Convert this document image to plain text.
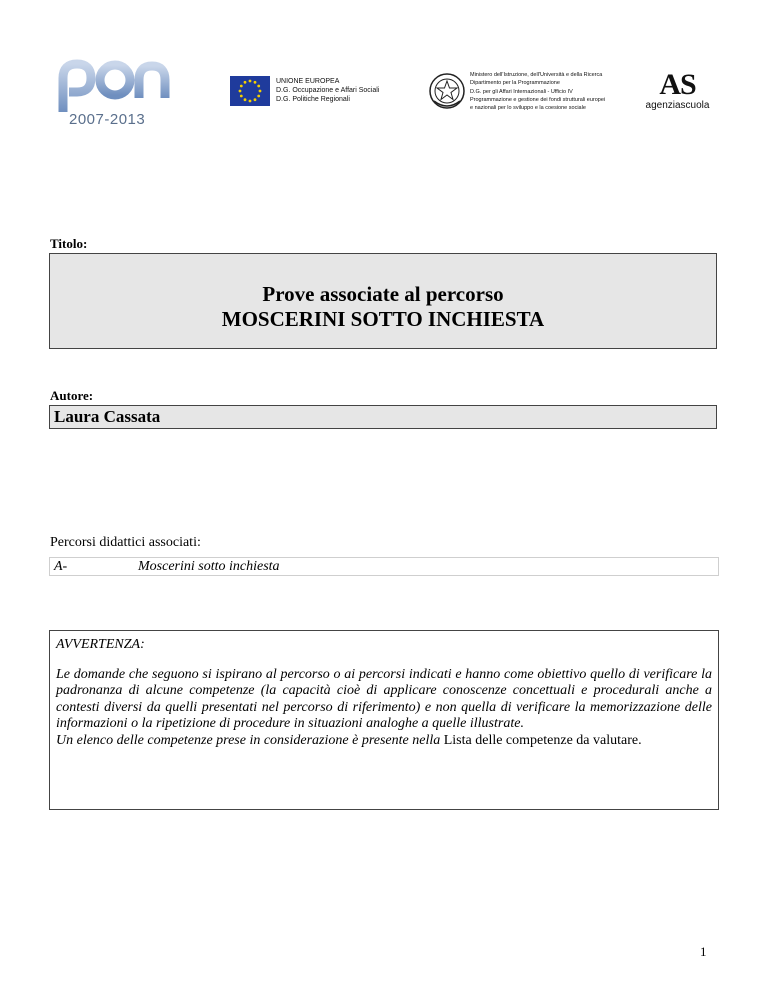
2007-2013
UNIONE EUROPEA
D.G. Occupazione e Affari Sociali
D.G. Politiche Regionali
Ministero dell'Istruzione, dell'Università e della Ricerca
Dipartimento per la Programmazione
D.G. per gli Affari Internazionali - Ufficio IV
Programmazione e gestione dei fondi strutturali europei
e nazionali per lo sviluppo e la coesione sociale
AS
agenziascuola
Titolo:
Prove associate al percorso
MOSCERINI SOTTO INCHIESTA
Autore:
Laura Cassata
Percorsi didattici associati:
A-	Moscerini sotto inchiesta
AVVERTENZA:
Le domande che seguono si ispirano al percorso o ai percorsi indicati e hanno come obiettivo quello di verificare la padronanza di alcune competenze (la capacità cioè di applicare conoscenze concettuali e procedurali anche a contesti diversi da quelli presentati nel percorso di riferimento) e non quella di verificare la memorizzazione delle informazioni o la ripetizione di procedure in situazioni analoghe a quelle illustrate.
Un elenco delle competenze prese in considerazione è presente nella Lista delle competenze da valutare.
1
